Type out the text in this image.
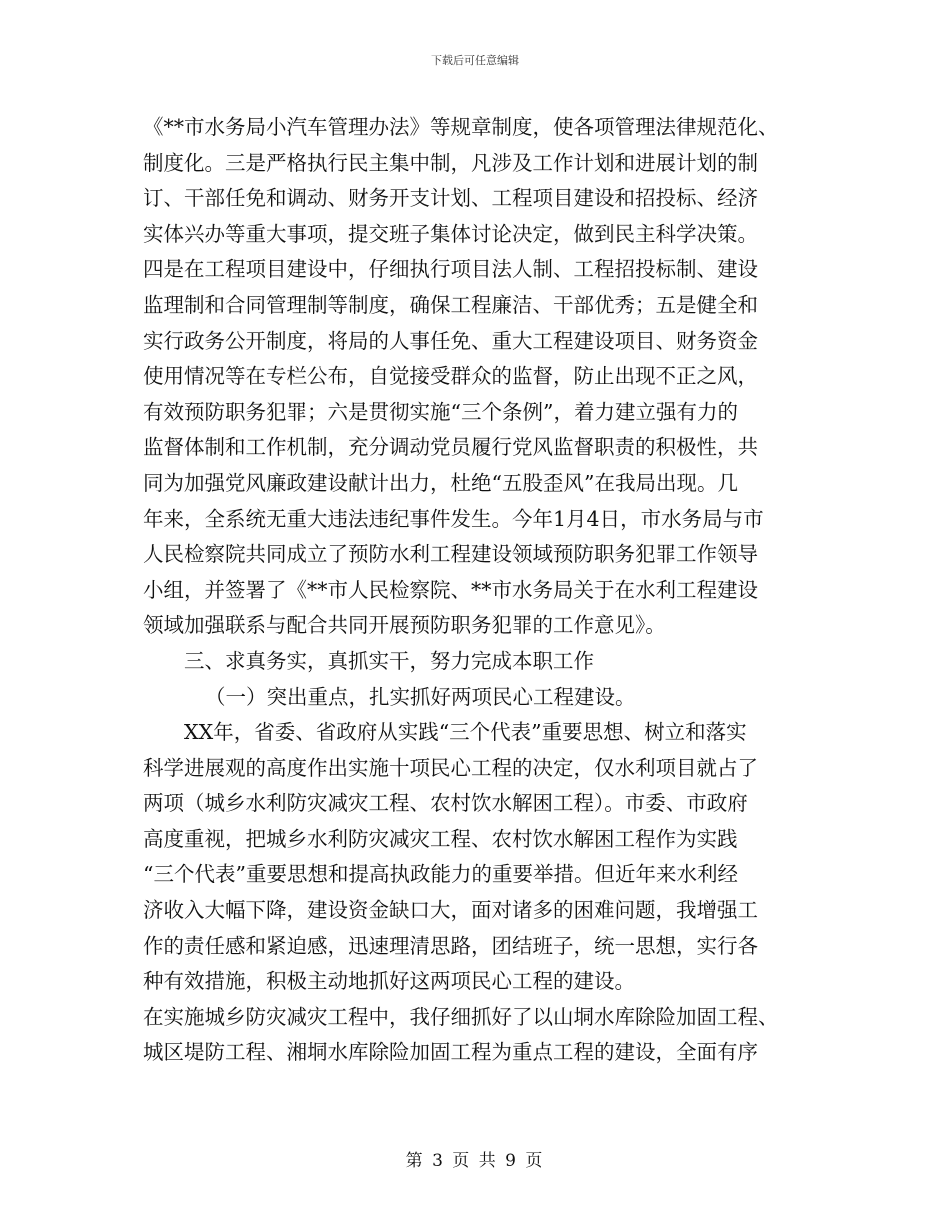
下载后可任意编辑
《**市水务局小汽车管理办法》等规章制度，使各项管理法律规范化、
制度化。三是严格执行民主集中制，凡涉及工作计划和进展计划的制
订、干部任免和调动、财务开支计划、工程项目建设和招投标、经济
实体兴办等重大事项，提交班子集体讨论决定，做到民主科学决策。
四是在工程项目建设中，仔细执行项目法人制、工程招投标制、建设
监理制和合同管理制等制度，确保工程廉洁、干部优秀；五是健全和
实行政务公开制度，将局的人事任免、重大工程建设项目、财务资金
使用情况等在专栏公布，自觉接受群众的监督，防止出现不正之风，
有效预防职务犯罪；六是贯彻实施“三个条例”，着力建立强有力的
监督体制和工作机制，充分调动党员履行党风监督职责的积极性，共
同为加强党风廉政建设献计出力，杜绝“五股歪风”在我局出现。几
年来，全系统无重大违法违纪事件发生。今年1月4日，市水务局与市
人民检察院共同成立了预防水利工程建设领域预防职务犯罪工作领导
小组，并签署了《**市人民检察院、**市水务局关于在水利工程建设
领域加强联系与配合共同开展预防职务犯罪的工作意见》。
三、求真务实，真抓实干，努力完成本职工作
（一）突出重点，扎实抓好两项民心工程建设。
XX年，省委、省政府从实践“三个代表”重要思想、树立和落实
科学进展观的高度作出实施十项民心工程的决定，仅水利项目就占了
两项（城乡水利防灾减灾工程、农村饮水解困工程）。市委、市政府
高度重视，把城乡水利防灾减灾工程、农村饮水解困工程作为实践
“三个代表”重要思想和提高执政能力的重要举措。但近年来水利经
济收入大幅下降，建设资金缺口大，面对诸多的困难问题，我增强工
作的责任感和紧迫感，迅速理清思路，团结班子，统一思想，实行各
种有效措施，积极主动地抓好这两项民心工程的建设。
在实施城乡防灾减灾工程中，我仔细抓好了以山垌水库除险加固工程、
城区堤防工程、湘垌水库除险加固工程为重点工程的建设，全面有序
第 3 页 共 9 页
